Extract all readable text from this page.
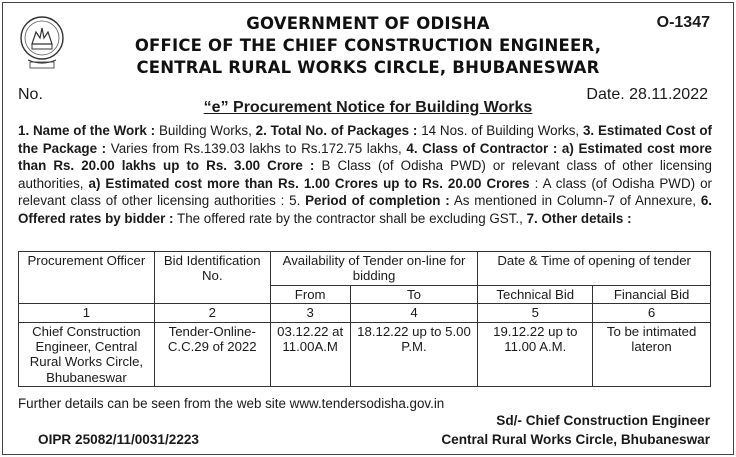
O-1347
GOVERNMENT OF ODISHA
OFFICE OF THE CHIEF CONSTRUCTION ENGINEER,
CENTRAL RURAL WORKS CIRCLE, BHUBANESWAR
No.	Date. 28.11.2022
“e” Procurement Notice for Building Works
1. Name of the Work : Building Works, 2. Total No. of Packages : 14 Nos. of Building Works, 3. Estimated Cost of the Package : Varies from Rs.139.03 lakhs to Rs.172.75 lakhs, 4. Class of Contractor : a) Estimated cost more than Rs. 20.00 lakhs up to Rs. 3.00 Crore : B Class (of Odisha PWD) or relevant class of other licensing authorities, a) Estimated cost more than Rs. 1.00 Crores up to Rs. 20.00 Crores : A class (of Odisha PWD) or relevant class of other licensing authorities : 5. Period of completion : As mentioned in Column-7 of Annexure, 6. Offered rates by bidder : The offered rate by the contractor shall be excluding GST., 7. Other details :
Procurement Officer	Bid Identification No.	Availability of Tender on-line for bidding		Date & Time of opening of tender	
		From	To	Technical Bid	Financial Bid
1	2	3	4	5	6
Chief Construction Engineer, Central Rural Works Circle, Bhubaneswar	Tender-Online-C.C.29 of 2022	03.12.22 at 11.00A.M	18.12.22 up to 5.00 P.M.	19.12.22 up to 11.00 A.M.	To be intimated lateron
Further details can be seen from the web site www.tendersodisha.gov.in
Sd/- Chief Construction Engineer
Central Rural Works Circle, Bhubaneswar
OIPR 25082/11/0031/2223
